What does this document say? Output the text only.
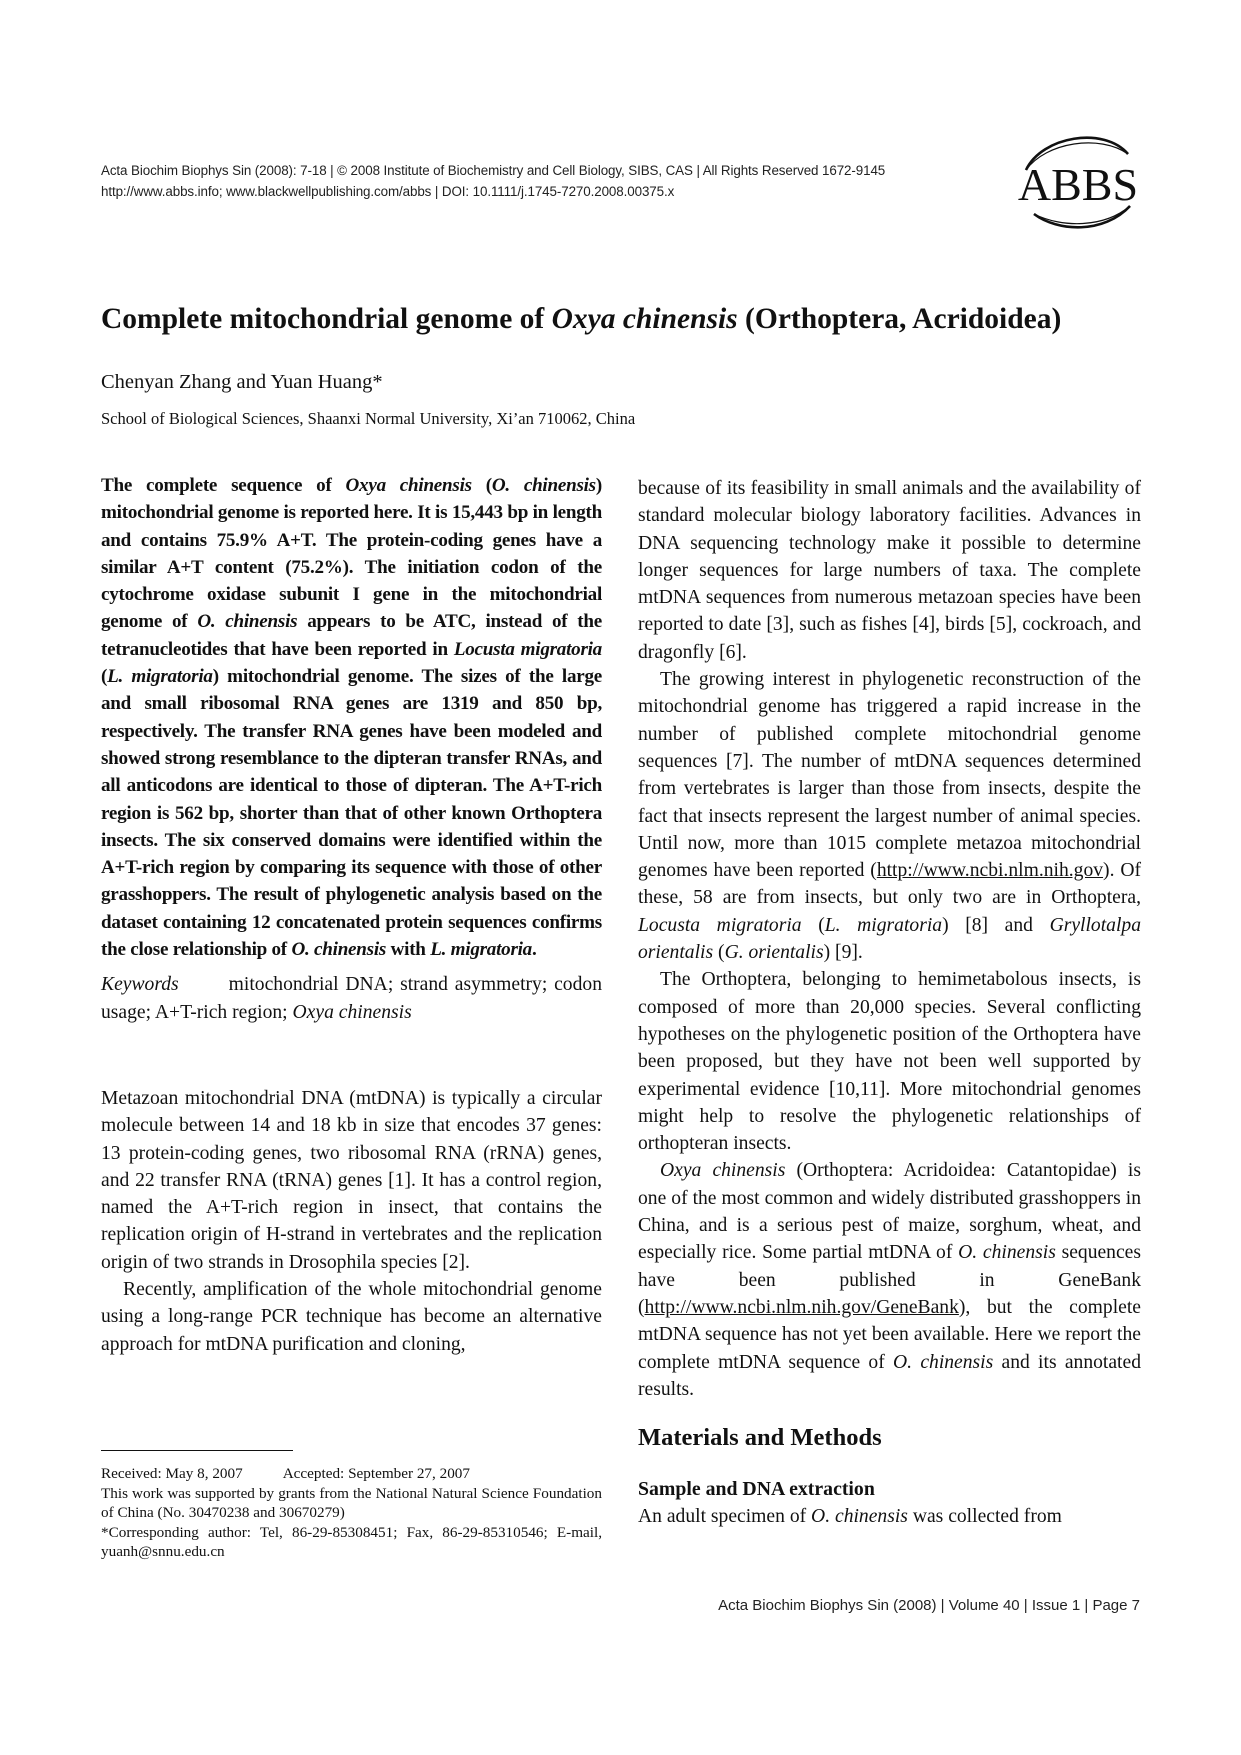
Acta Biochim Biophys Sin (2008): 7-18 | © 2008 Institute of Biochemistry and Cell Biology, SIBS, CAS | All Rights Reserved 1672-9145
http://www.abbs.info; www.blackwellpublishing.com/abbs | DOI: 10.1111/j.1745-7270.2008.00375.x	ABBS
Complete mitochondrial genome of Oxya chinensis (Orthoptera, Acridoidea)
Chenyan Zhang and Yuan Huang*
School of Biological Sciences, Shaanxi Normal University, Xi’an 710062, China

The complete sequence of Oxya chinensis (O. chinensis) mitochondrial genome is reported here. It is 15,443 bp in length and contains 75.9% A+T. The protein-coding genes have a similar A+T content (75.2%). The initiation codon of the cytochrome oxidase subunit I gene in the mitochondrial genome of O. chinensis appears to be ATC, instead of the tetranucleotides that have been reported in Locusta migratoria (L. migratoria) mitochondrial genome. The sizes of the large and small ribosomal RNA genes are 1319 and 850 bp, respectively. The transfer RNA genes have been modeled and showed strong resemblance to the dipteran transfer RNAs, and all anticodons are identical to those of dipteran. The A+T-rich region is 562 bp, shorter than that of other known Orthoptera insects. The six conserved domains were identified within the A+T-rich region by comparing its sequence with those of other grasshoppers. The result of phylogenetic analysis based on the dataset containing 12 concatenated protein sequences confirms the close relationship of O. chinensis with L. migratoria.

Keywords	mitochondrial DNA; strand asymmetry; codon usage; A+T-rich region; Oxya chinensis

Metazoan mitochondrial DNA (mtDNA) is typically a circular molecule between 14 and 18 kb in size that encodes 37 genes: 13 protein-coding genes, two ribosomal RNA (rRNA) genes, and 22 transfer RNA (tRNA) genes [1]. It has a control region, named the A+T-rich region in insect, that contains the replication origin of H-strand in vertebrates and the replication origin of two strands in Drosophila species [2].

Recently, amplification of the whole mitochondrial genome using a long-range PCR technique has become an alternative approach for mtDNA purification and cloning,

Received: May 8, 2007	Accepted: September 27, 2007
This work was supported by grants from the National Natural Science Foundation of China (No. 30470238 and 30670279)
*Corresponding author: Tel, 86-29-85308451; Fax, 86-29-85310546; E-mail, yuanh@snnu.edu.cn

because of its feasibility in small animals and the availability of standard molecular biology laboratory facilities. Advances in DNA sequencing technology make it possible to determine longer sequences for large numbers of taxa. The complete mtDNA sequences from numerous metazoan species have been reported to date [3], such as fishes [4], birds [5], cockroach, and dragonfly [6].

The growing interest in phylogenetic reconstruction of the mitochondrial genome has triggered a rapid increase in the number of published complete mitochondrial genome sequences [7]. The number of mtDNA sequences determined from vertebrates is larger than those from insects, despite the fact that insects represent the largest number of animal species. Until now, more than 1015 complete metazoa mitochondrial genomes have been reported (http://www.ncbi.nlm.nih.gov). Of these, 58 are from insects, but only two are in Orthoptera, Locusta migratoria (L. migratoria) [8] and Gryllotalpa orientalis (G. orientalis) [9].

The Orthoptera, belonging to hemimetabolous insects, is composed of more than 20,000 species. Several conflicting hypotheses on the phylogenetic position of the Orthoptera have been proposed, but they have not been well supported by experimental evidence [10,11]. More mitochondrial genomes might help to resolve the phylogenetic relationships of orthopteran insects.

Oxya chinensis (Orthoptera: Acridoidea: Catantopidae) is one of the most common and widely distributed grasshoppers in China, and is a serious pest of maize, sorghum, wheat, and especially rice. Some partial mtDNA of O. chinensis sequences have been published in GeneBank (http://www.ncbi.nlm.nih.gov/GeneBank), but the complete mtDNA sequence has not yet been available. Here we report the complete mtDNA sequence of O. chinensis and its annotated results.

Materials and Methods

Sample and DNA extraction

An adult specimen of O. chinensis was collected from

Acta Biochim Biophys Sin (2008) | Volume 40 | Issue 1 | Page 7
